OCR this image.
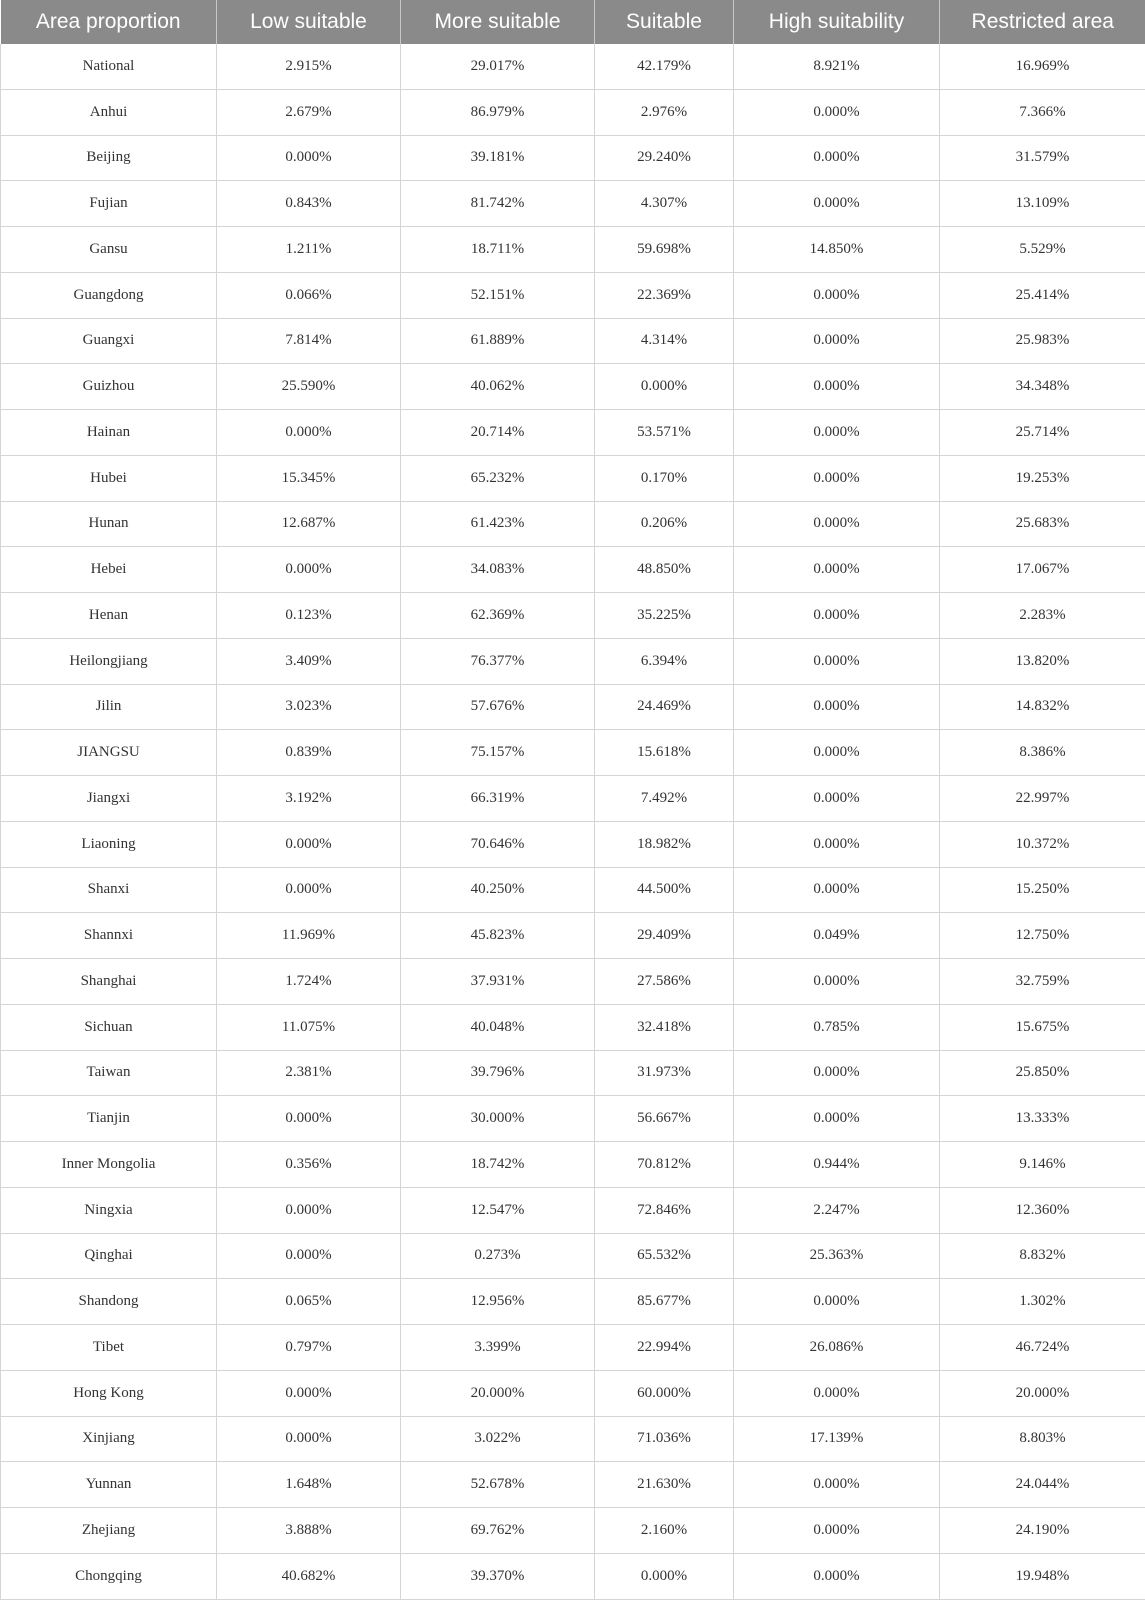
Area proportion	Low suitable	More suitable	Suitable	High suitability	Restricted area
National	2.915%	29.017%	42.179%	8.921%	16.969%
Anhui	2.679%	86.979%	2.976%	0.000%	7.366%
Beijing	0.000%	39.181%	29.240%	0.000%	31.579%
Fujian	0.843%	81.742%	4.307%	0.000%	13.109%
Gansu	1.211%	18.711%	59.698%	14.850%	5.529%
Guangdong	0.066%	52.151%	22.369%	0.000%	25.414%
Guangxi	7.814%	61.889%	4.314%	0.000%	25.983%
Guizhou	25.590%	40.062%	0.000%	0.000%	34.348%
Hainan	0.000%	20.714%	53.571%	0.000%	25.714%
Hubei	15.345%	65.232%	0.170%	0.000%	19.253%
Hunan	12.687%	61.423%	0.206%	0.000%	25.683%
Hebei	0.000%	34.083%	48.850%	0.000%	17.067%
Henan	0.123%	62.369%	35.225%	0.000%	2.283%
Heilongjiang	3.409%	76.377%	6.394%	0.000%	13.820%
Jilin	3.023%	57.676%	24.469%	0.000%	14.832%
JIANGSU	0.839%	75.157%	15.618%	0.000%	8.386%
Jiangxi	3.192%	66.319%	7.492%	0.000%	22.997%
Liaoning	0.000%	70.646%	18.982%	0.000%	10.372%
Shanxi	0.000%	40.250%	44.500%	0.000%	15.250%
Shannxi	11.969%	45.823%	29.409%	0.049%	12.750%
Shanghai	1.724%	37.931%	27.586%	0.000%	32.759%
Sichuan	11.075%	40.048%	32.418%	0.785%	15.675%
Taiwan	2.381%	39.796%	31.973%	0.000%	25.850%
Tianjin	0.000%	30.000%	56.667%	0.000%	13.333%
Inner Mongolia	0.356%	18.742%	70.812%	0.944%	9.146%
Ningxia	0.000%	12.547%	72.846%	2.247%	12.360%
Qinghai	0.000%	0.273%	65.532%	25.363%	8.832%
Shandong	0.065%	12.956%	85.677%	0.000%	1.302%
Tibet	0.797%	3.399%	22.994%	26.086%	46.724%
Hong Kong	0.000%	20.000%	60.000%	0.000%	20.000%
Xinjiang	0.000%	3.022%	71.036%	17.139%	8.803%
Yunnan	1.648%	52.678%	21.630%	0.000%	24.044%
Zhejiang	3.888%	69.762%	2.160%	0.000%	24.190%
Chongqing	40.682%	39.370%	0.000%	0.000%	19.948%
